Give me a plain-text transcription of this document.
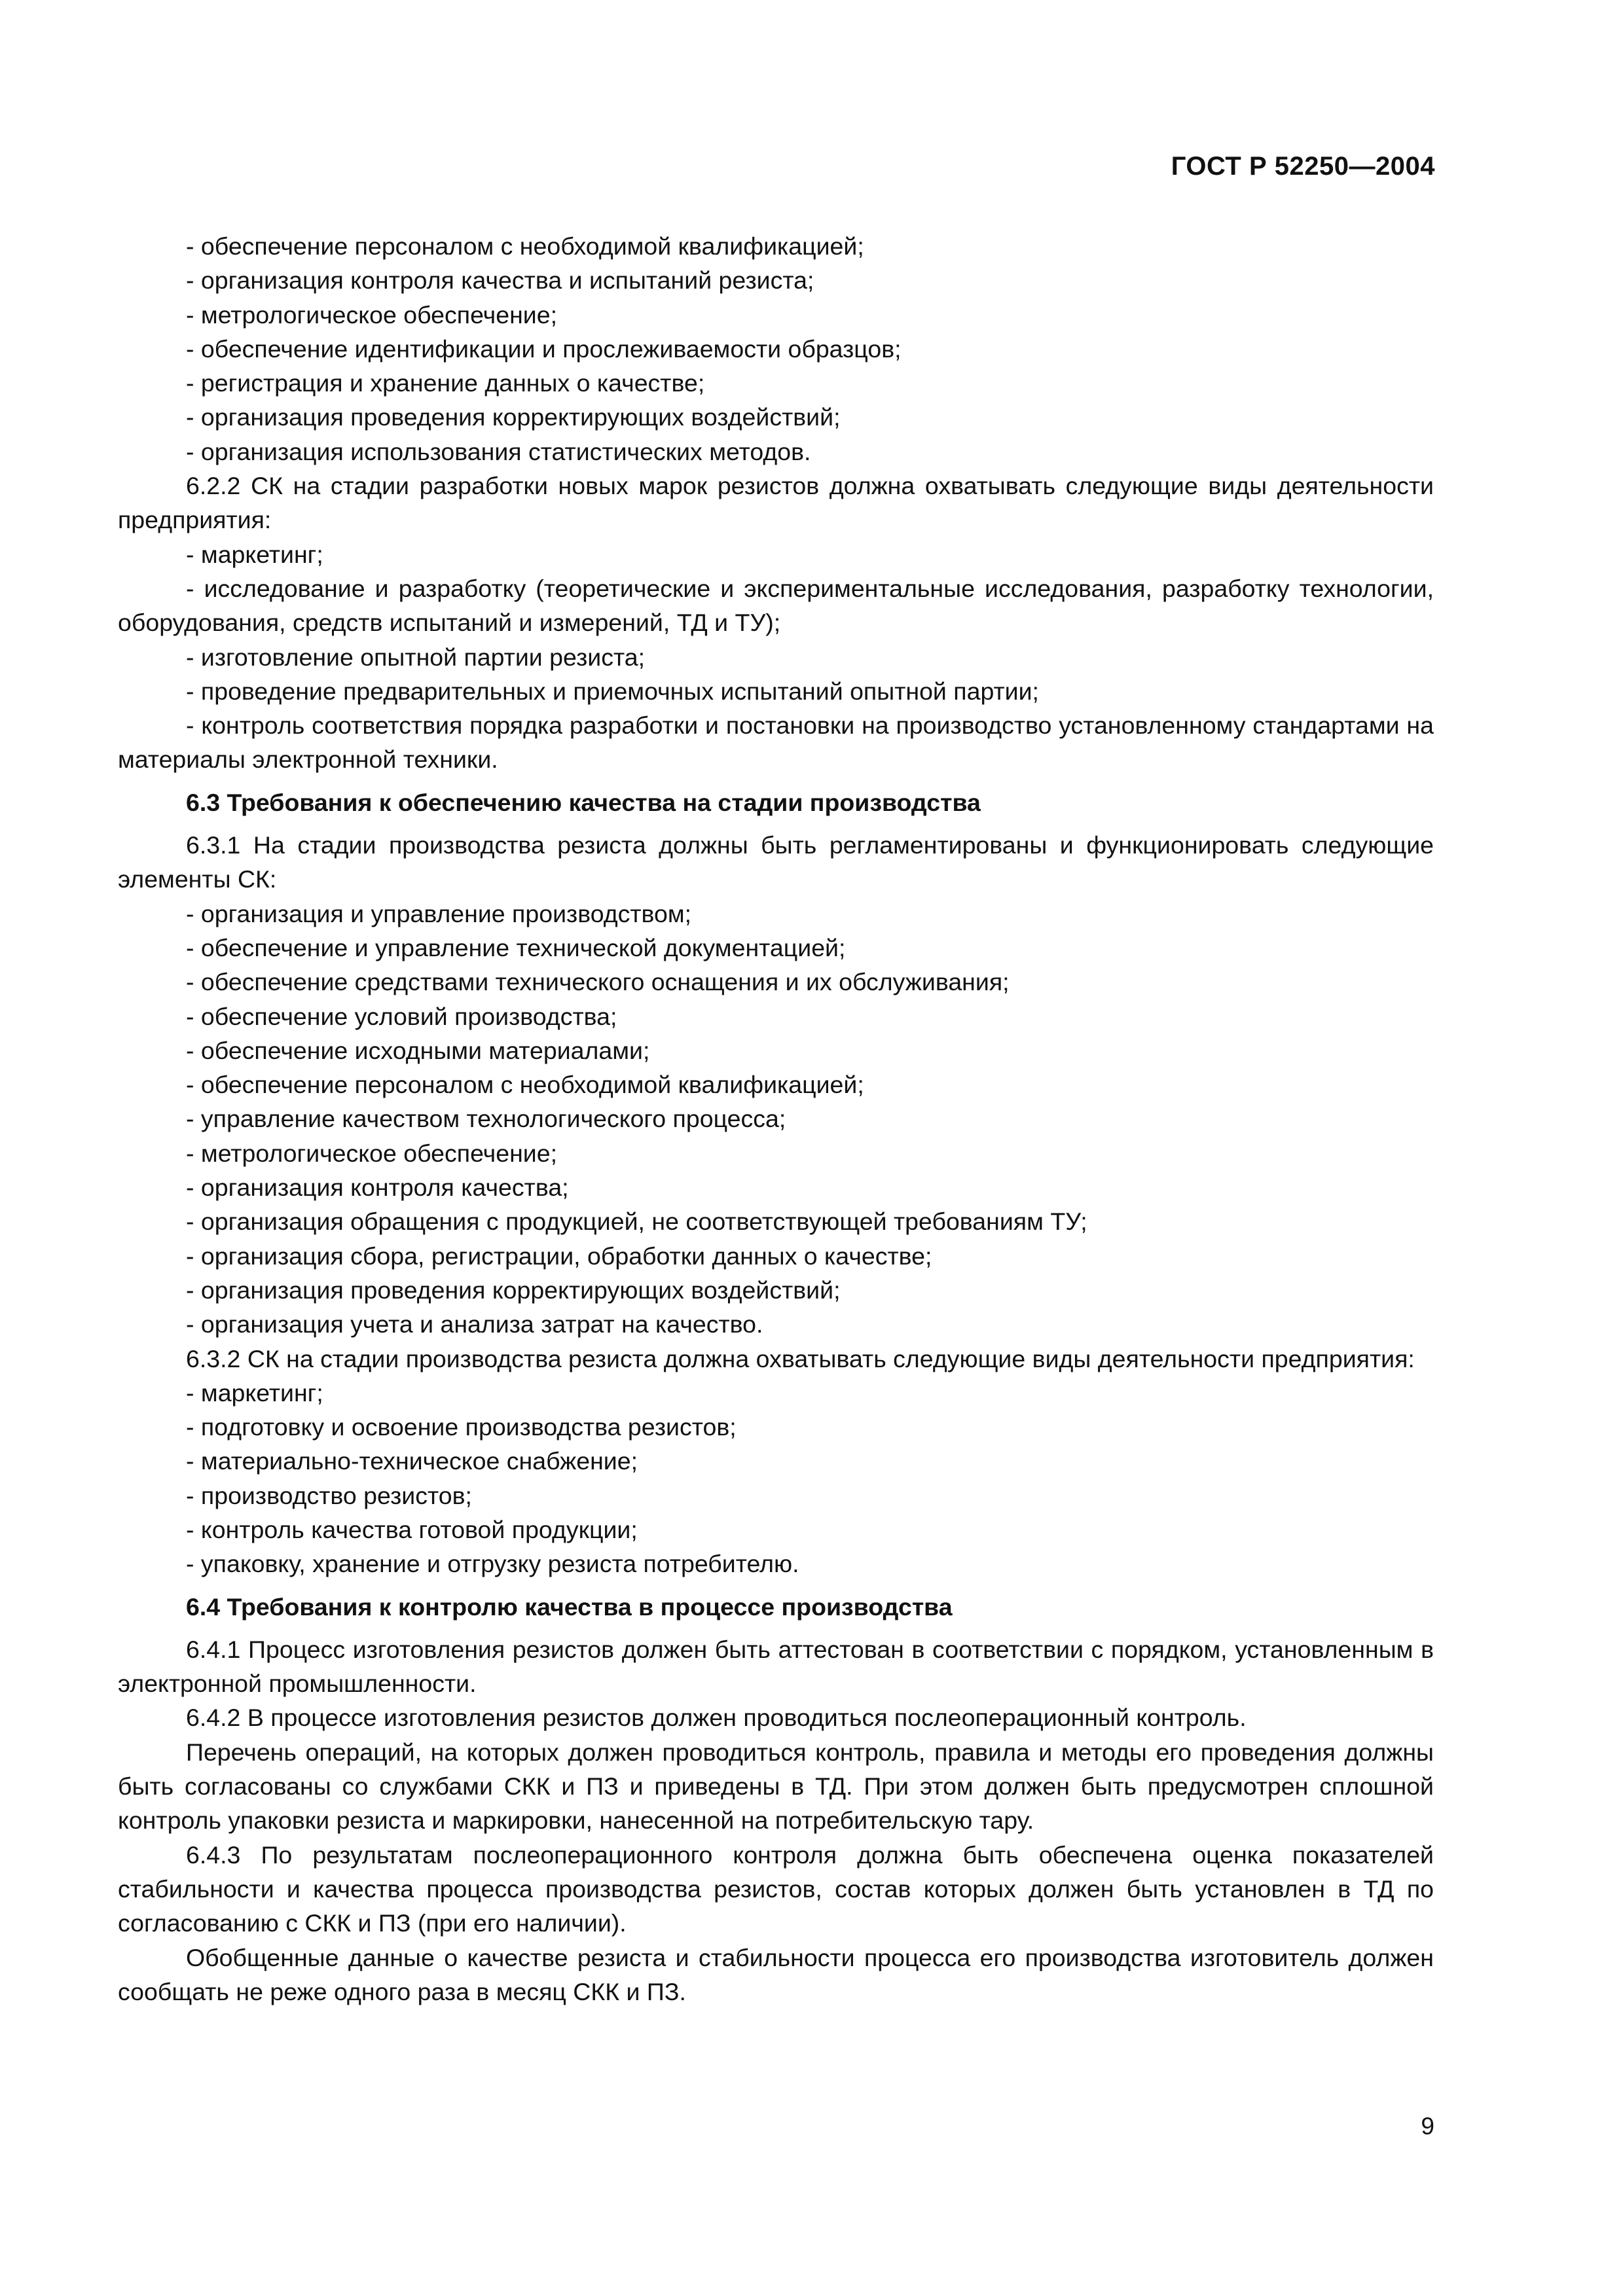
ГОСТ Р 52250—2004

- обеспечение персоналом с необходимой квалификацией;

- организация контроля качества и испытаний резиста;

- метрологическое обеспечение;

- обеспечение идентификации и прослеживаемости образцов;

- регистрация и хранение данных о качестве;

- организация проведения корректирующих воздействий;

- организация использования статистических методов.

6.2.2 СК на стадии разработки новых марок резистов должна охватывать следующие виды деятельности предприятия:

- маркетинг;

- исследование и разработку (теоретические и экспериментальные исследования, разработку технологии, оборудования, средств испытаний и измерений, ТД и ТУ);

- изготовление опытной партии резиста;

- проведение предварительных и приемочных испытаний опытной партии;

- контроль соответствия порядка разработки и постановки на производство установленному стандартами на материалы электронной техники.

6.3 Требования к обеспечению качества на стадии производства

6.3.1 На стадии производства резиста должны быть регламентированы и функционировать следующие элементы СК:

- организация и управление производством;

- обеспечение и управление технической документацией;

- обеспечение средствами технического оснащения и их обслуживания;

- обеспечение условий производства;

- обеспечение исходными материалами;

- обеспечение персоналом с необходимой квалификацией;

- управление качеством технологического процесса;

- метрологическое обеспечение;

- организация контроля качества;

- организация обращения с продукцией, не соответствующей требованиям ТУ;

- организация сбора, регистрации, обработки данных о качестве;

- организация проведения корректирующих воздействий;

- организация учета и анализа затрат на качество.

6.3.2 СК на стадии производства резиста должна охватывать следующие виды деятельности предприятия:

- маркетинг;

- подготовку и освоение производства резистов;

- материально-техническое снабжение;

- производство резистов;

- контроль качества готовой продукции;

- упаковку, хранение и отгрузку резиста потребителю.

6.4 Требования к контролю качества в процессе производства

6.4.1 Процесс изготовления резистов должен быть аттестован в соответствии с порядком, установленным в электронной промышленности.

6.4.2 В процессе изготовления резистов должен проводиться послеоперационный контроль.

Перечень операций, на которых должен проводиться контроль, правила и методы его проведения должны быть согласованы со службами СКК и ПЗ и приведены в ТД. При этом должен быть предусмотрен сплошной контроль упаковки резиста и маркировки, нанесенной на потребительскую тару.

6.4.3 По результатам послеоперационного контроля должна быть обеспечена оценка показателей стабильности и качества процесса производства резистов, состав которых должен быть установлен в ТД по согласованию с СКК и ПЗ (при его наличии).

Обобщенные данные о качестве резиста и стабильности процесса его производства изготовитель должен сообщать не реже одного раза в месяц СКК и ПЗ.

9
